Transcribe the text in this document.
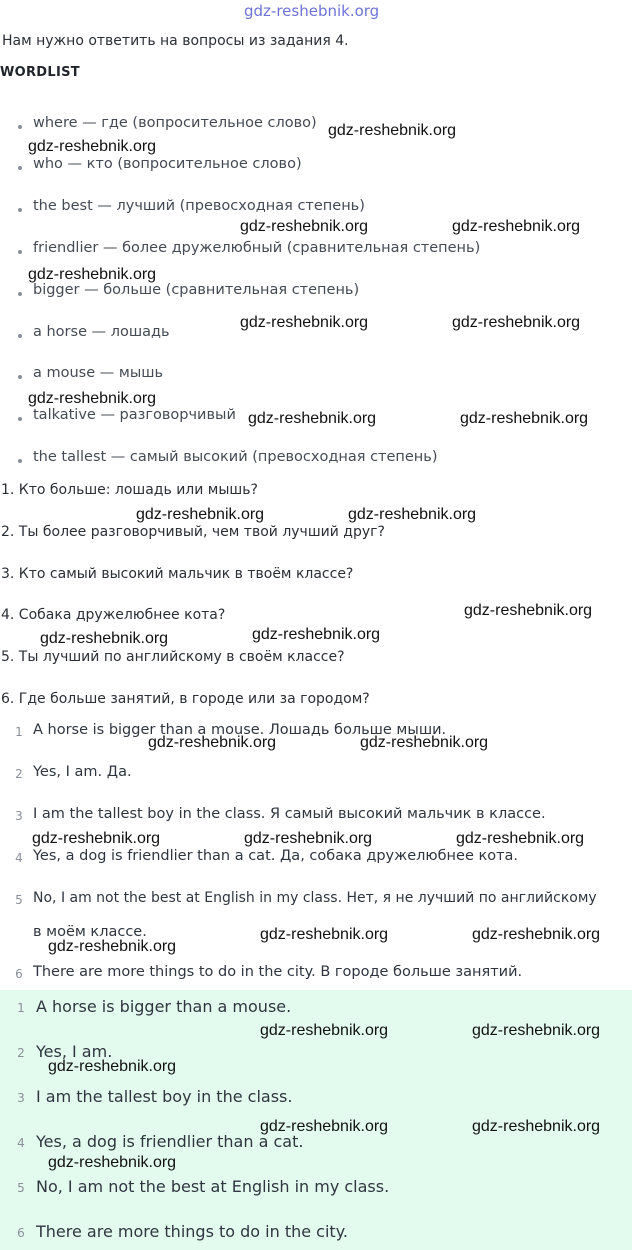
gdz-reshebnik.org
Нам нужно ответить на вопросы из задания 4.
WORDLIST
where — где (вопросительное слово)
who — кто (вопросительное слово)
the best — лучший (превосходная степень)
friendlier — более дружелюбный (сравнительная степень)
bigger — больше (сравнительная степень)
a horse — лошадь
a mouse — мышь
talkative — разговорчивый
the tallest — самый высокий (превосходная степень)
1. Кто больше: лошадь или мышь?
2. Ты более разговорчивый, чем твой лучший друг?
3. Кто самый высокий мальчик в твоём классе?
4. Собака дружелюбнее кота?
5. Ты лучший по английскому в своём классе?
6. Где больше занятий, в городе или за городом?
1 A horse is bigger than a mouse. Лошадь больше мыши.
2 Yes, I am. Да.
3 I am the tallest boy in the class. Я самый высокий мальчик в классе.
4 Yes, a dog is friendlier than a cat. Да, собака дружелюбнее кота.
5 No, I am not the best at English in my class. Нет, я не лучший по английскому
в моём классе.
6 There are more things to do in the city. В городе больше занятий.
1 A horse is bigger than a mouse.
2 Yes, I am.
3 I am the tallest boy in the class.
4 Yes, a dog is friendlier than a cat.
5 No, I am not the best at English in my class.
6 There are more things to do in the city.
gdz-reshebnik.org
gdz-reshebnik.org
gdz-reshebnik.org	gdz-reshebnik.org
gdz-reshebnik.org
gdz-reshebnik.org	gdz-reshebnik.org
gdz-reshebnik.org
gdz-reshebnik.org	gdz-reshebnik.org
gdz-reshebnik.org	gdz-reshebnik.org
gdz-reshebnik.org
gdz-reshebnik.org
gdz-reshebnik.org
gdz-reshebnik.org	gdz-reshebnik.org
gdz-reshebnik.org	gdz-reshebnik.org	gdz-reshebnik.org
gdz-reshebnik.org	gdz-reshebnik.org
gdz-reshebnik.org
gdz-reshebnik.org	gdz-reshebnik.org
gdz-reshebnik.org
gdz-reshebnik.org	gdz-reshebnik.org
gdz-reshebnik.org
